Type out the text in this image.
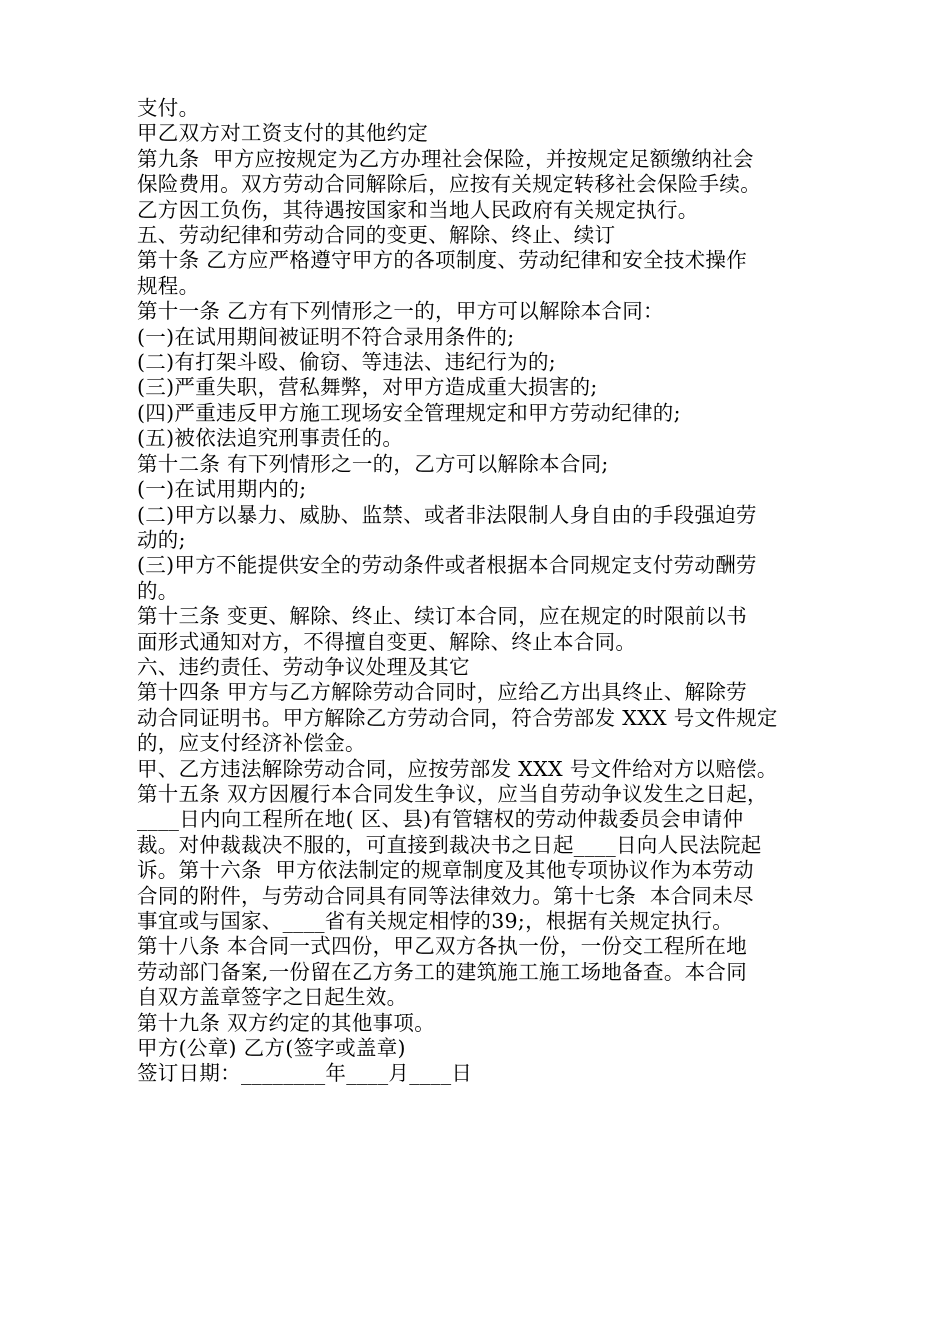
支付。

甲乙双方对工资支付的其他约定

第九条  甲方应按规定为乙方办理社会保险，并按规定足额缴纳社会

保险费用。双方劳动合同解除后，应按有关规定转移社会保险手续。

乙方因工负伤，其待遇按国家和当地人民政府有关规定执行。

五、劳动纪律和劳动合同的变更、解除、终止、续订

第十条 乙方应严格遵守甲方的各项制度、劳动纪律和安全技术操作

规程。

第十一条 乙方有下列情形之一的，甲方可以解除本合同：

(一)在试用期间被证明不符合录用条件的;

(二)有打架斗殴、偷窃、等违法、违纪行为的;

(三)严重失职，营私舞弊，对甲方造成重大损害的;

(四)严重违反甲方施工现场安全管理规定和甲方劳动纪律的;

(五)被依法追究刑事责任的。

第十二条 有下列情形之一的，乙方可以解除本合同;

(一)在试用期内的;

(二)甲方以暴力、威胁、监禁、或者非法限制人身自由的手段强迫劳

动的;

(三)甲方不能提供安全的劳动条件或者根据本合同规定支付劳动酬劳

的。

第十三条 变更、解除、终止、续订本合同，应在规定的时限前以书

面形式通知对方，不得擅自变更、解除、终止本合同。

六、违约责任、劳动争议处理及其它

第十四条 甲方与乙方解除劳动合同时，应给乙方出具终止、解除劳

动合同证明书。甲方解除乙方劳动合同，符合劳部发 XXX 号文件规定

的，应支付经济补偿金。

甲、乙方违法解除劳动合同，应按劳部发 XXX 号文件给对方以赔偿。

第十五条 双方因履行本合同发生争议，应当自劳动争议发生之日起，

____日内向工程所在地( 区、县)有管辖权的劳动仲裁委员会申请仲

裁。对仲裁裁决不服的，可直接到裁决书之日起____日向人民法院起

诉。第十六条  甲方依法制定的规章制度及其他专项协议作为本劳动

合同的附件，与劳动合同具有同等法律效力。第十七条  本合同未尽

事宜或与国家、____省有关规定相悖的39;，根据有关规定执行。

第十八条 本合同一式四份，甲乙双方各执一份，一份交工程所在地

劳动部门备案,一份留在乙方务工的建筑施工施工场地备查。本合同

自双方盖章签字之日起生效。

第十九条 双方约定的其他事项。

甲方(公章) 乙方(签字或盖章)

签订日期：________年____月____日
